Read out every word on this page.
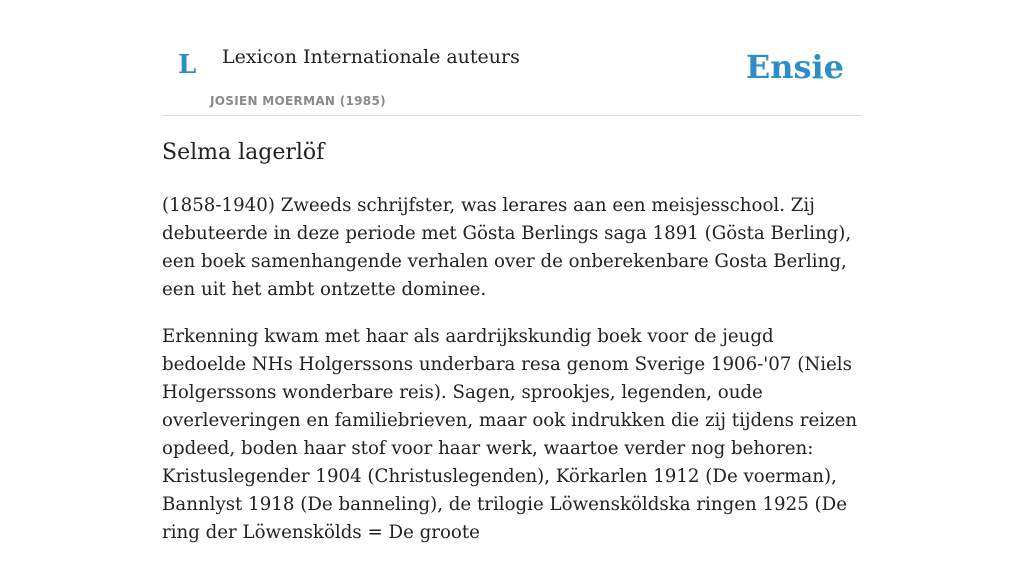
L Lexicon Internationale auteurs
JOSIEN MOERMAN (1985)
Ensie
Selma lagerlöf

(1858-1940) Zweeds schrijfster, was lerares aan een meisjesschool. Zij debuteerde in deze periode met Gösta Berlings saga 1891 (Gösta Berling), een boek samenhangende verhalen over de onberekenbare Gosta Berling, een uit het ambt ontzette dominee.

Erkenning kwam met haar als aardrijkskundig boek voor de jeugd bedoelde NHs Holgerssons underbara resa genom Sverige 1906-'07 (Niels Holgerssons wonderbare reis). Sagen, sprookjes, legenden, oude overleveringen en familiebrieven, maar ook indrukken die zij tijdens reizen opdeed, boden haar stof voor haar werk, waartoe verder nog behoren: Kristuslegender 1904 (Christuslegenden), Körkarlen 1912 (De voerman), Bannlyst 1918 (De banneling), de trilogie Löwensköldska ringen 1925 (De ring der Löwenskölds = De groote
